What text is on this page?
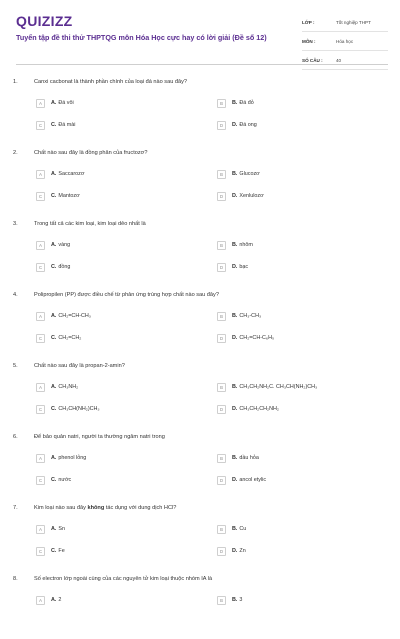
QUIZIZZ
Tuyển tập đề thi thử THPTQG môn Hóa Học cực hay có lời giải (Đề số 12)
LỚP :	Tốt nghiệp THPT
MÔN :	Hóa học
SỐ CÂU :	40
1.	Canxi cacbonat là thành phần chính của loại đá nào sau đây?
A	A. Đá vôi	B	B. Đá đỏ
C	C. Đá mài	D	D. Đá ong
2.	Chất nào sau đây là đồng phân của fructozơ?
A	A. Saccarozơ	B	B. Glucozơ
C	C. Mantozơ	D	D. Xenlulozơ
3.	Trong tất cả các kim loại, kim loại dẻo nhất là
A	A. vàng	B	B. nhôm
C	C. đồng	D	D. bạc
4.	Polipropilen (PP) được điều chế từ phản ứng trùng hợp chất nào sau đây?
A	A. CH₂=CH-CH₃	B	B. CH₃-CH₃
C	C. CH₂=CH₂	D	D. CH₂=CH-C₆H₅
5.	Chất nào sau đây là propan-2-amin?
A	A. CH₃NH₂	B	B. CH₃CH₂NH₂C. CH₃CH(NH₂)CH₃
C	C. CH₃CH(NH₂)CH₃	D	D. CH₃CH₂CH₂NH₂
6.	Để bảo quản natri, người ta thường ngâm natri trong
A	A. phenol lỏng	B	B. dầu hỏa
C	C. nước	D	D. ancol etylic
7.	Kim loại nào sau đây không tác dụng với dung dịch HCl?
A	A. Sn	B	B. Cu
C	C. Fe	D	D. Zn
8.	Số electron lớp ngoài cùng của các nguyên tử kim loại thuộc nhóm IA là
A	A. 2	B	B. 3
